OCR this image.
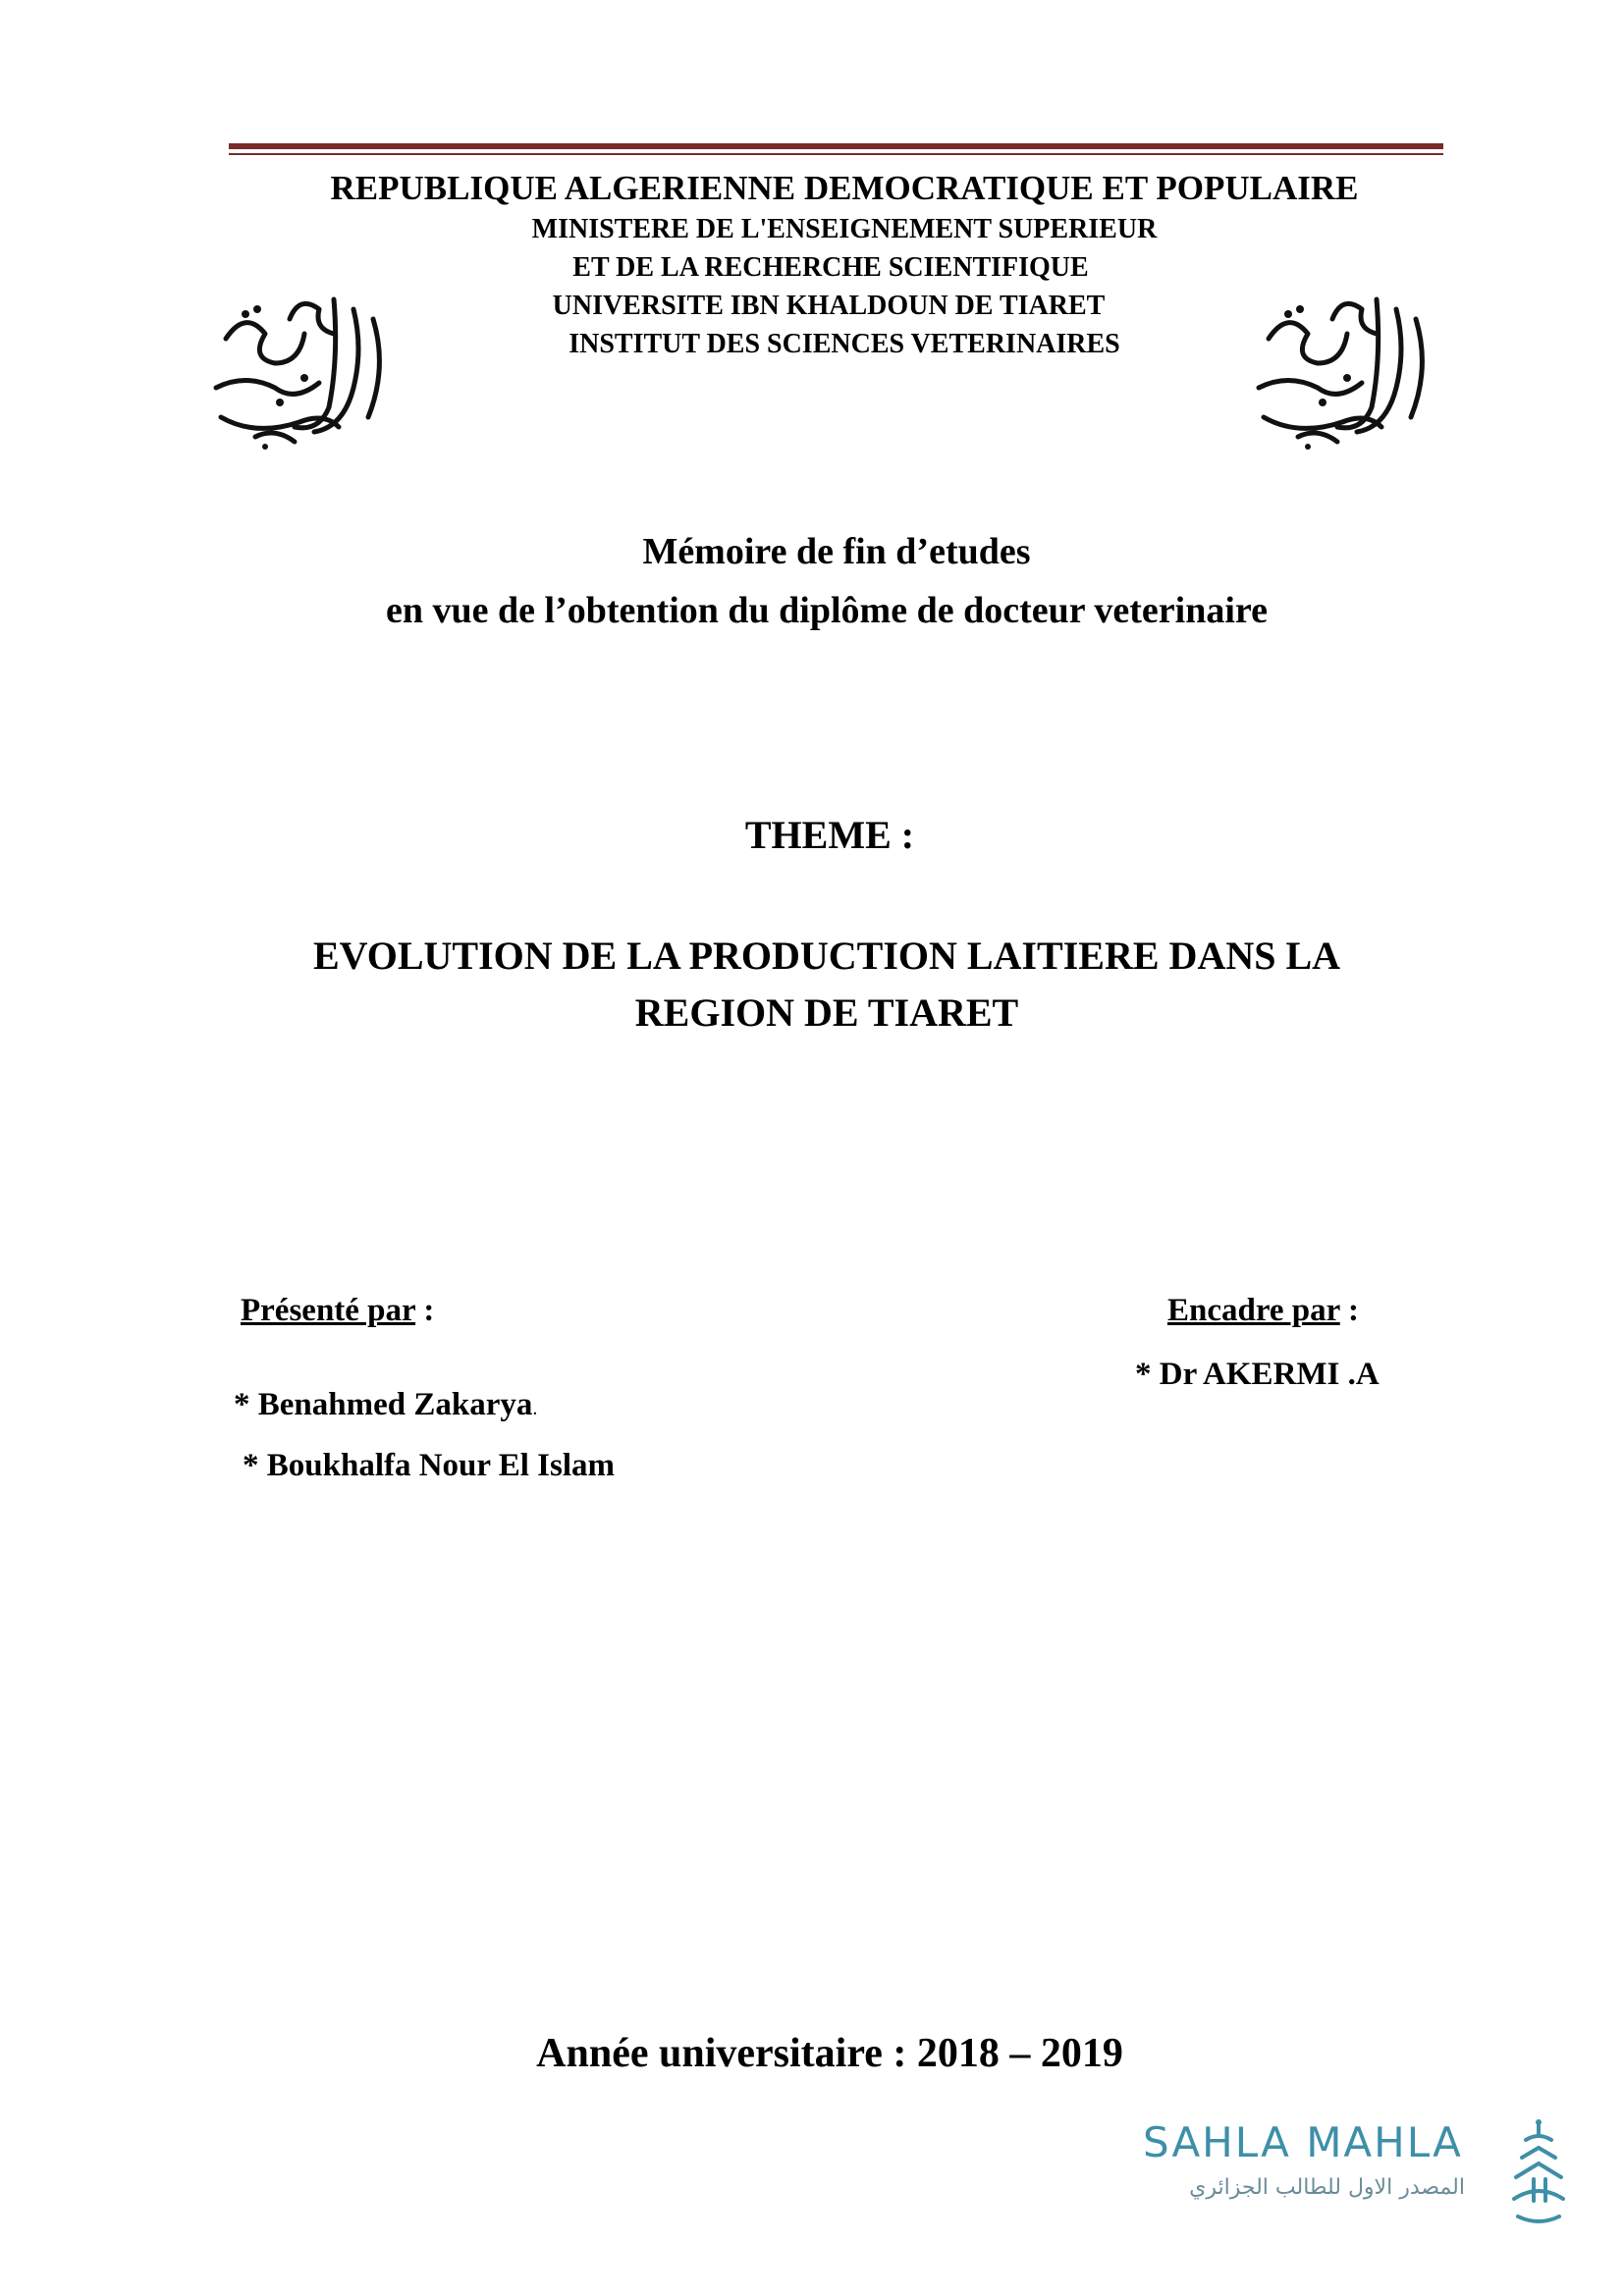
REPUBLIQUE ALGERIENNE DEMOCRATIQUE ET POPULAIRE
MINISTERE DE L'ENSEIGNEMENT SUPERIEUR
ET DE LA RECHERCHE SCIENTIFIQUE
UNIVERSITE IBN KHALDOUN DE TIARET
INSTITUT DES SCIENCES VETERINAIRES
Mémoire de fin d’etudes
en vue de l’obtention du diplôme de docteur veterinaire
THEME :
EVOLUTION DE LA PRODUCTION LAITIERE DANS LA
REGION DE TIARET
Présenté par :	Encadre par :
* Benahmed Zakarya.
* Boukhalfa Nour El Islam
* Dr AKERMI .A
Année universitaire : 2018 – 2019
SAHLA MAHLA
المصدر الاول للطالب الجزائري
